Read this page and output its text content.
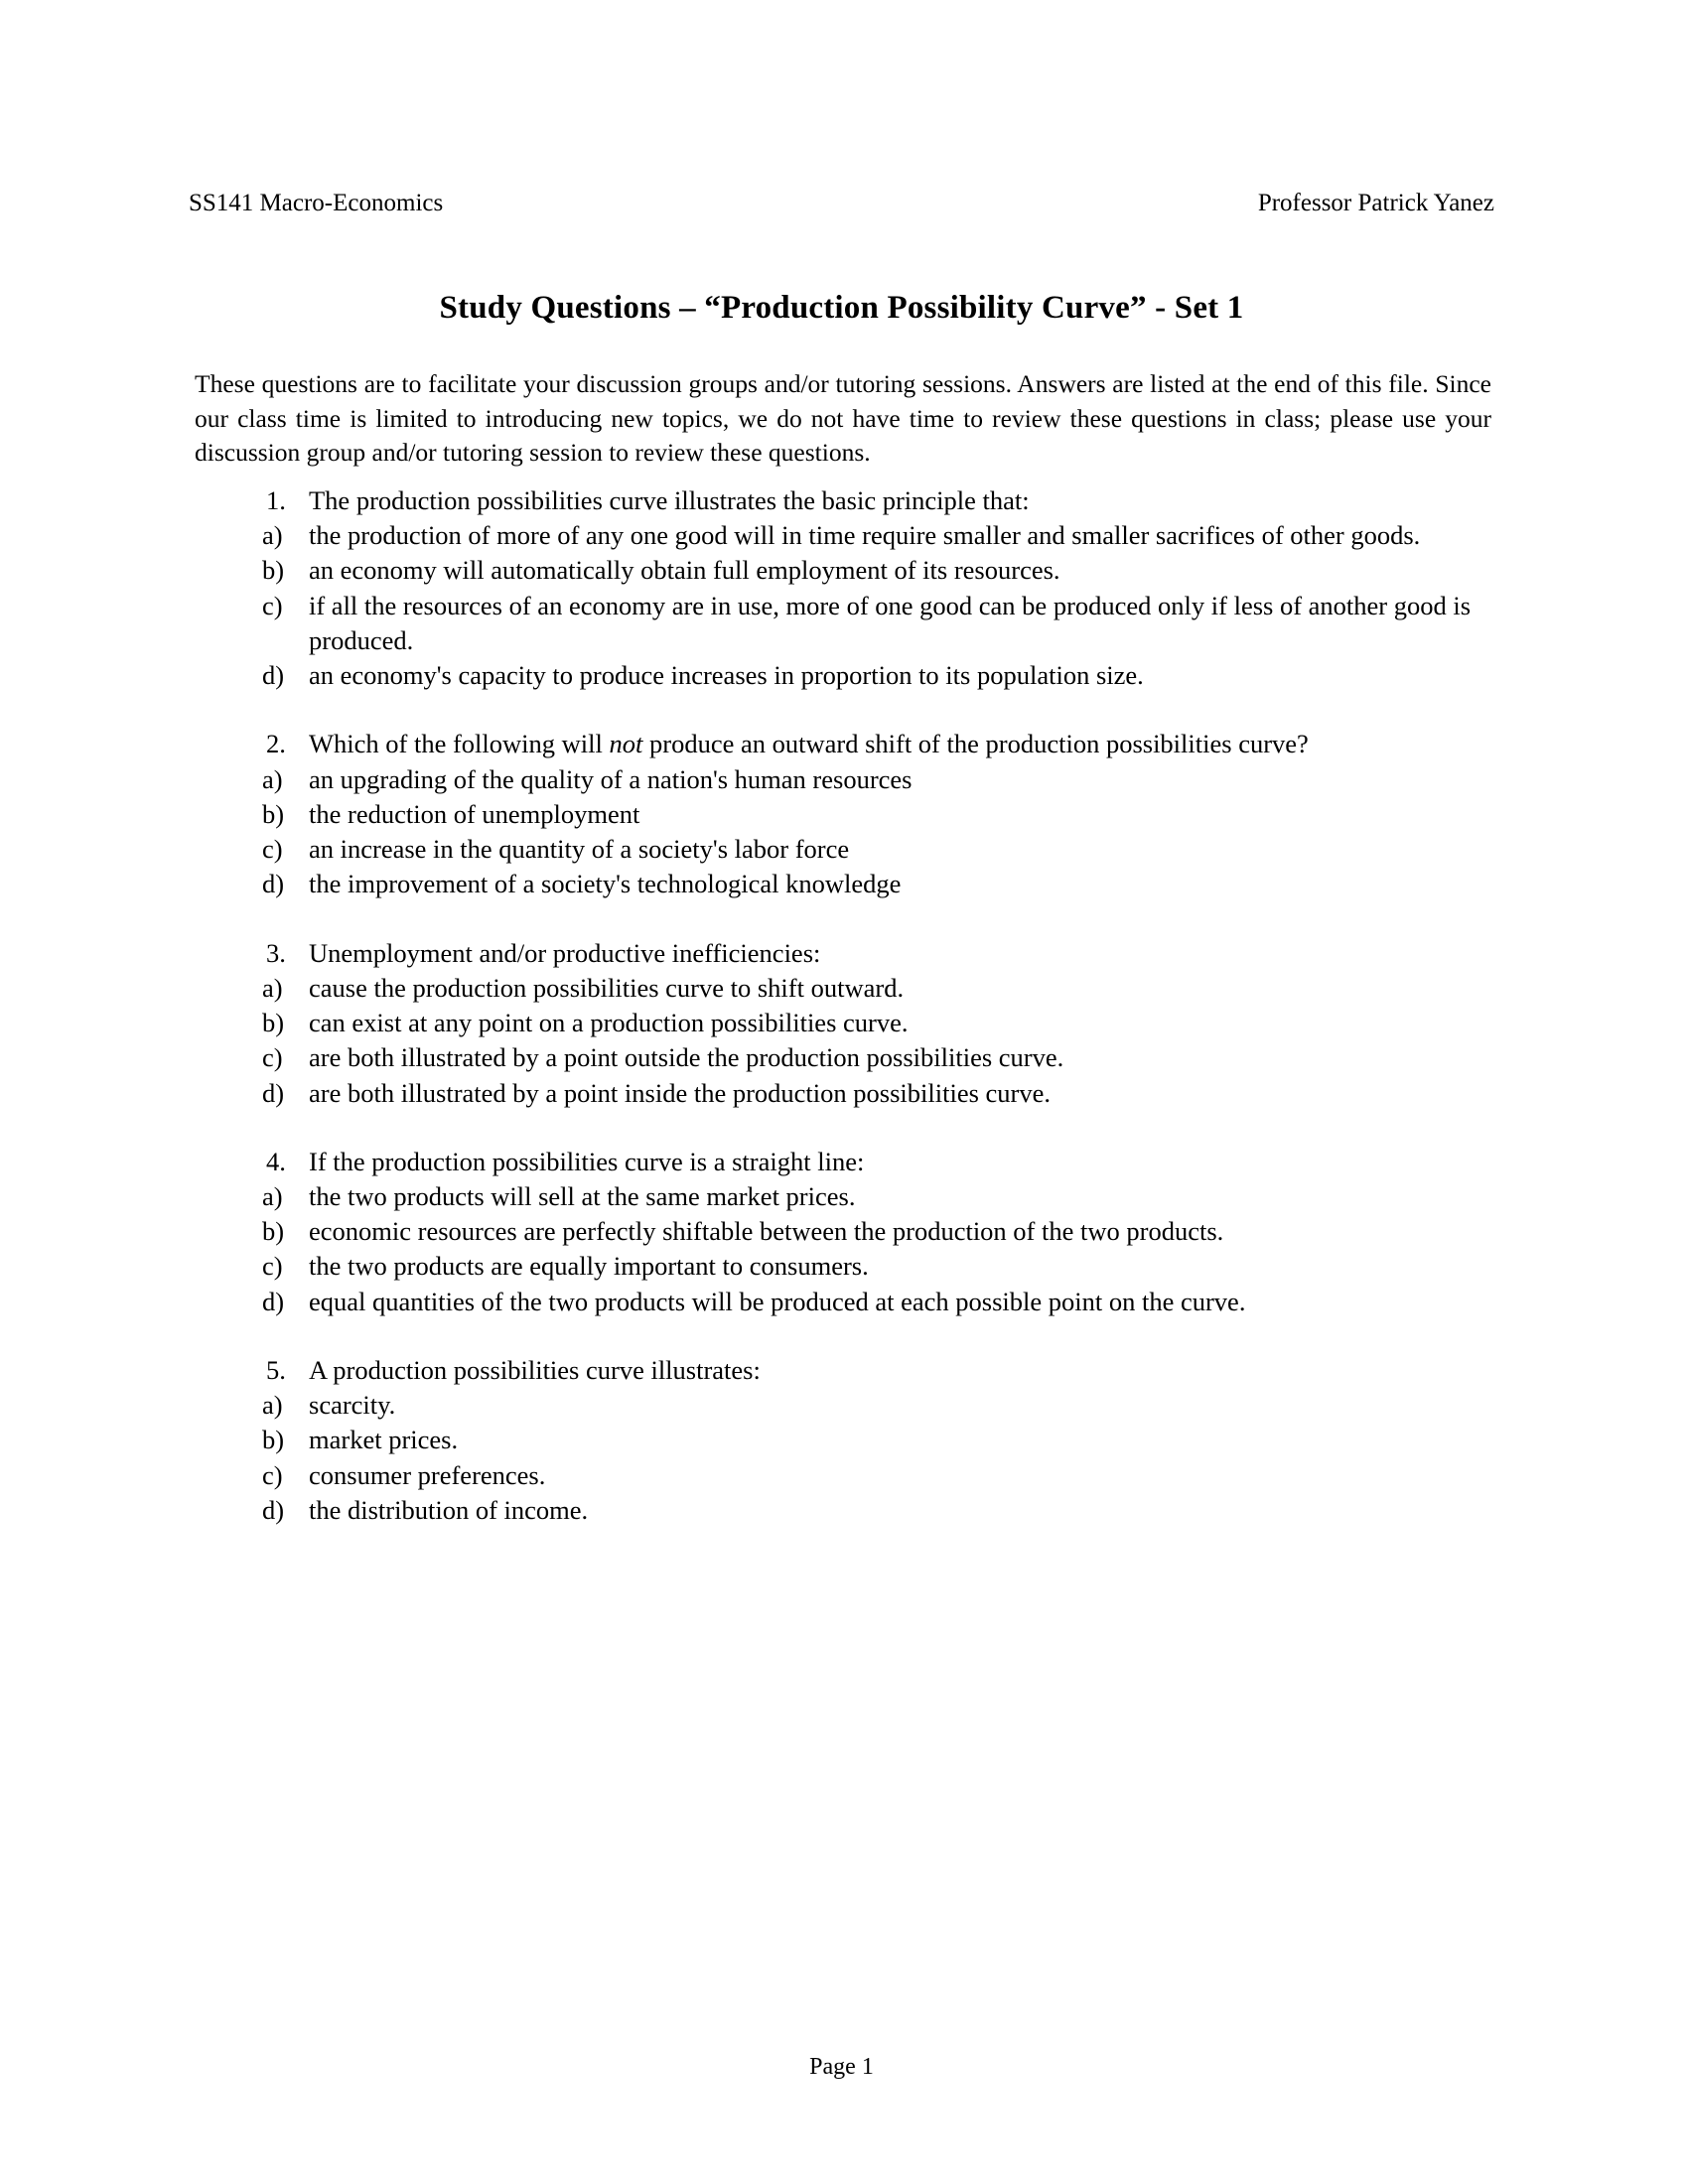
SS141 Macro-Economics	Professor Patrick Yanez
Study Questions – “Production Possibility Curve” - Set 1
These questions are to facilitate your discussion groups and/or tutoring sessions. Answers are listed at the end of this file. Since our class time is limited to introducing new topics, we do not have time to review these questions in class; please use your discussion group and/or tutoring session to review these questions.
1. The production possibilities curve illustrates the basic principle that:
a) the production of more of any one good will in time require smaller and smaller sacrifices of other goods.
b) an economy will automatically obtain full employment of its resources.
c) if all the resources of an economy are in use, more of one good can be produced only if less of another good is produced.
d) an economy's capacity to produce increases in proportion to its population size.
2. Which of the following will not produce an outward shift of the production possibilities curve?
a) an upgrading of the quality of a nation's human resources
b) the reduction of unemployment
c) an increase in the quantity of a society's labor force
d) the improvement of a society's technological knowledge
3. Unemployment and/or productive inefficiencies:
a) cause the production possibilities curve to shift outward.
b) can exist at any point on a production possibilities curve.
c) are both illustrated by a point outside the production possibilities curve.
d) are both illustrated by a point inside the production possibilities curve.
4. If the production possibilities curve is a straight line:
a) the two products will sell at the same market prices.
b) economic resources are perfectly shiftable between the production of the two products.
c) the two products are equally important to consumers.
d) equal quantities of the two products will be produced at each possible point on the curve.
5. A production possibilities curve illustrates:
a) scarcity.
b) market prices.
c) consumer preferences.
d) the distribution of income.
Page 1
